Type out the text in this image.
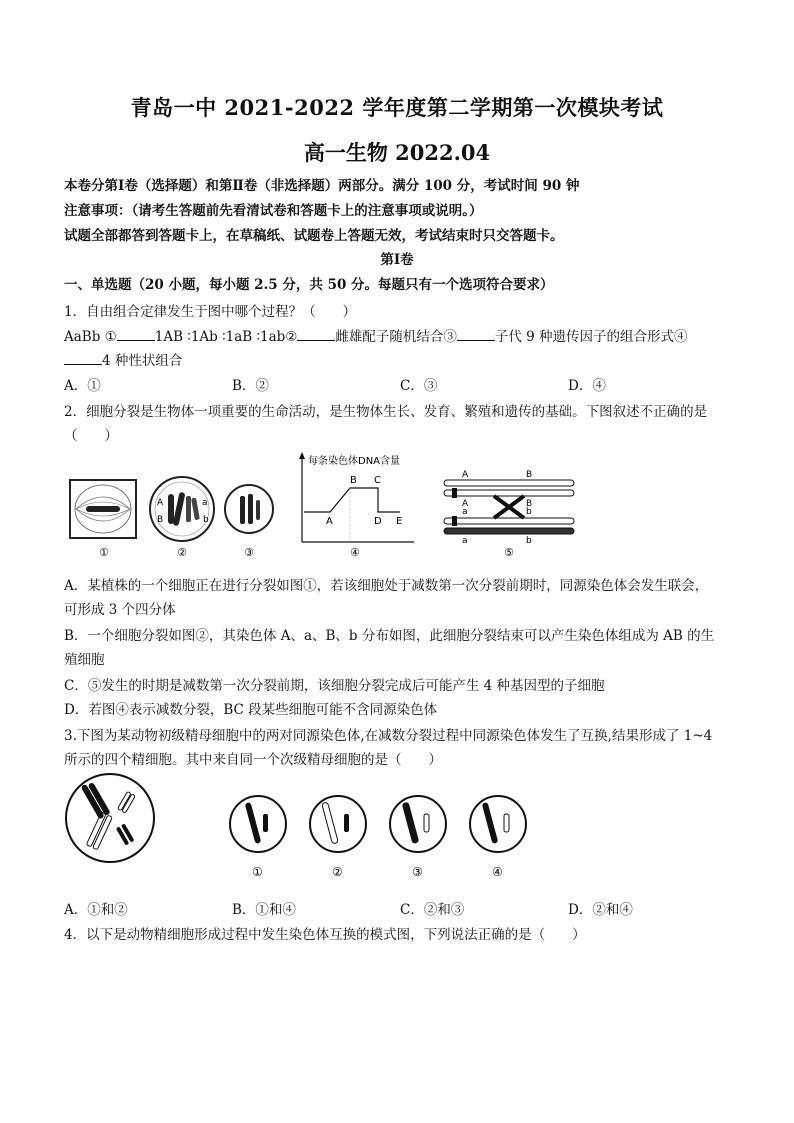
青岛一中 2021-2022 学年度第二学期第一次模块考试
高一生物 2022.04
本卷分第Ⅰ卷（选择题）和第Ⅱ卷（非选择题）两部分。满分 100 分，考试时间 90 钟
注意事项：（请考生答题前先看清试卷和答题卡上的注意事项或说明。）
试题全部都答到答题卡上，在草稿纸、试题卷上答题无效，考试结束时只交答题卡。
第Ⅰ卷
一、单选题（20 小题，每小题 2.5 分，共 50 分。每题只有一个选项符合要求）
1．自由组合定律发生于图中哪个过程？（　　）
AaBb ①	1AB ∶1Ab ∶1aB ∶1ab②	雌雄配子随机结合③	子代 9 种遗传因子的组合形式④
4 种性状组合
A．①	B．②	C．③	D．④
2．细胞分裂是生物体一项重要的生命活动，是生物体生长、发育、繁殖和遗传的基础。下图叙述不正确的是
（　　）
A
B
a
b
每条染色体DNA含量
A
B C
D E
A	B
A
a
B
b
a	b
①	②	③	④	⑤
A．某植株的一个细胞正在进行分裂如图①，若该细胞处于减数第一次分裂前期时，同源染色体会发生联会，
可形成 3 个四分体
B．一个细胞分裂如图②，其染色体 A、a、B、b 分布如图，此细胞分裂结束可以产生染色体组成为 AB 的生
殖细胞
C．⑤发生的时期是减数第一次分裂前期，该细胞分裂完成后可能产生 4 种基因型的子细胞
D．若图④表示减数分裂，BC 段某些细胞可能不含同源染色体
3.下图为某动物初级精母细胞中的两对同源染色体,在减数分裂过程中同源染色体发生了互换,结果形成了 1~4
所示的四个精细胞。其中来自同一个次级精母细胞的是（　　）
①	②	③	④
A．①和②	B．①和④	C．②和③	D．②和④
4．以下是动物精细胞形成过程中发生染色体互换的模式图，下列说法正确的是（　　）
